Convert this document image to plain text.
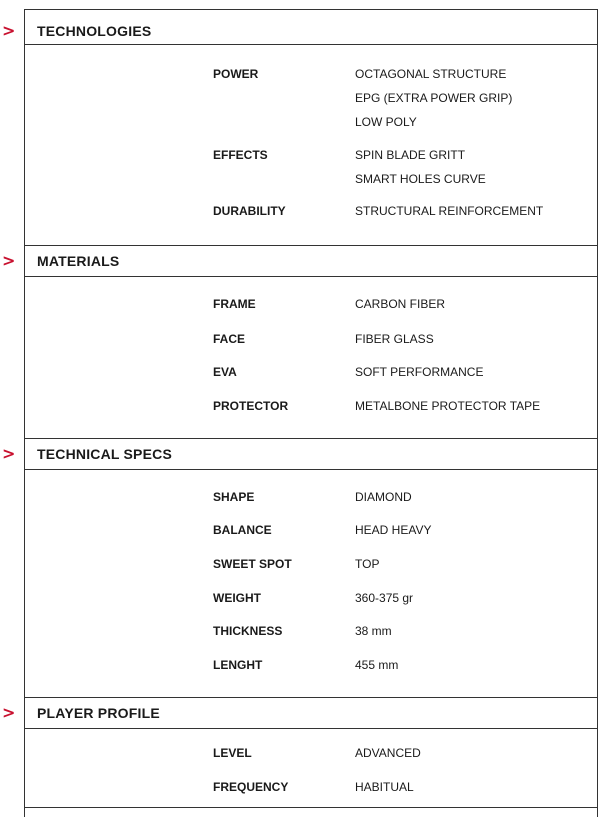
>	TECHNOLOGIES
POWER	OCTAGONAL STRUCTURE
EPG (EXTRA POWER GRIP)
LOW POLY
EFFECTS	SPIN BLADE GRITT
SMART HOLES CURVE
DURABILITY	STRUCTURAL REINFORCEMENT
>	MATERIALS
FRAME	CARBON FIBER
FACE	FIBER GLASS
EVA	SOFT PERFORMANCE
PROTECTOR	METALBONE PROTECTOR TAPE
>	TECHNICAL SPECS
SHAPE	DIAMOND
BALANCE	HEAD HEAVY
SWEET SPOT	TOP
WEIGHT	360-375 gr
THICKNESS	38 mm
LENGHT	455 mm
>	PLAYER PROFILE
LEVEL	ADVANCED
FREQUENCY	HABITUAL
